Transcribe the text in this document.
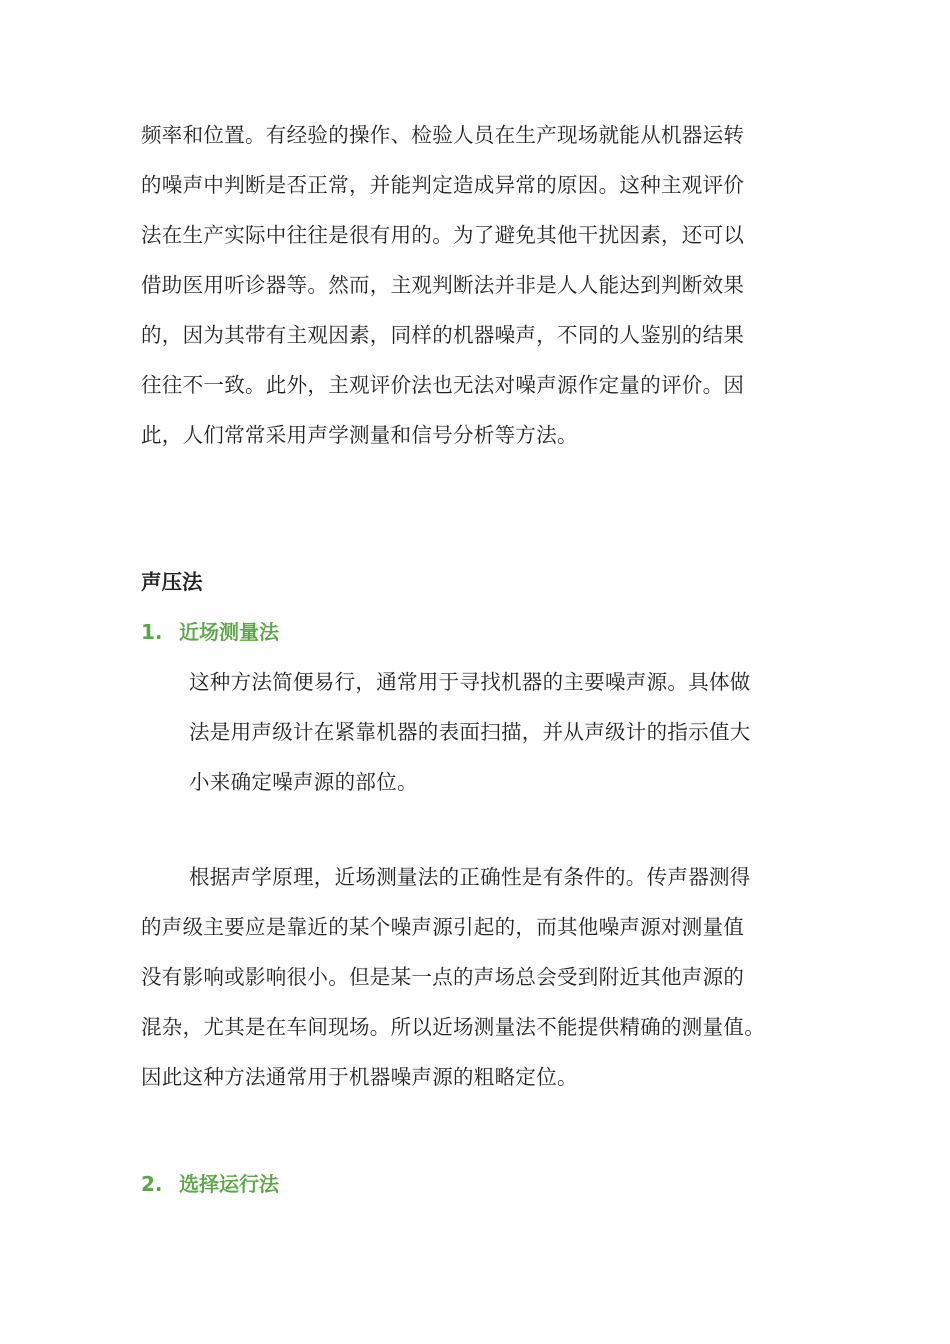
频率和位置。有经验的操作、检验人员在生产现场就能从机器运转
的噪声中判断是否正常，并能判定造成异常的原因。这种主观评价
法在生产实际中往往是很有用的。为了避免其他干扰因素，还可以
借助医用听诊器等。然而，主观判断法并非是人人能达到判断效果
的，因为其带有主观因素，同样的机器噪声，不同的人鉴别的结果
往往不一致。此外，主观评价法也无法对噪声源作定量的评价。因
此，人们常常采用声学测量和信号分析等方法。

声压法
1. 近场测量法

这种方法简便易行，通常用于寻找机器的主要噪声源。具体做
法是用声级计在紧靠机器的表面扫描，并从声级计的指示值大
小来确定噪声源的部位。

根据声学原理，近场测量法的正确性是有条件的。传声器测得
的声级主要应是靠近的某个噪声源引起的，而其他噪声源对测量值
没有影响或影响很小。但是某一点的声场总会受到附近其他声源的
混杂，尤其是在车间现场。所以近场测量法不能提供精确的测量值。
因此这种方法通常用于机器噪声源的粗略定位。

2. 选择运行法
